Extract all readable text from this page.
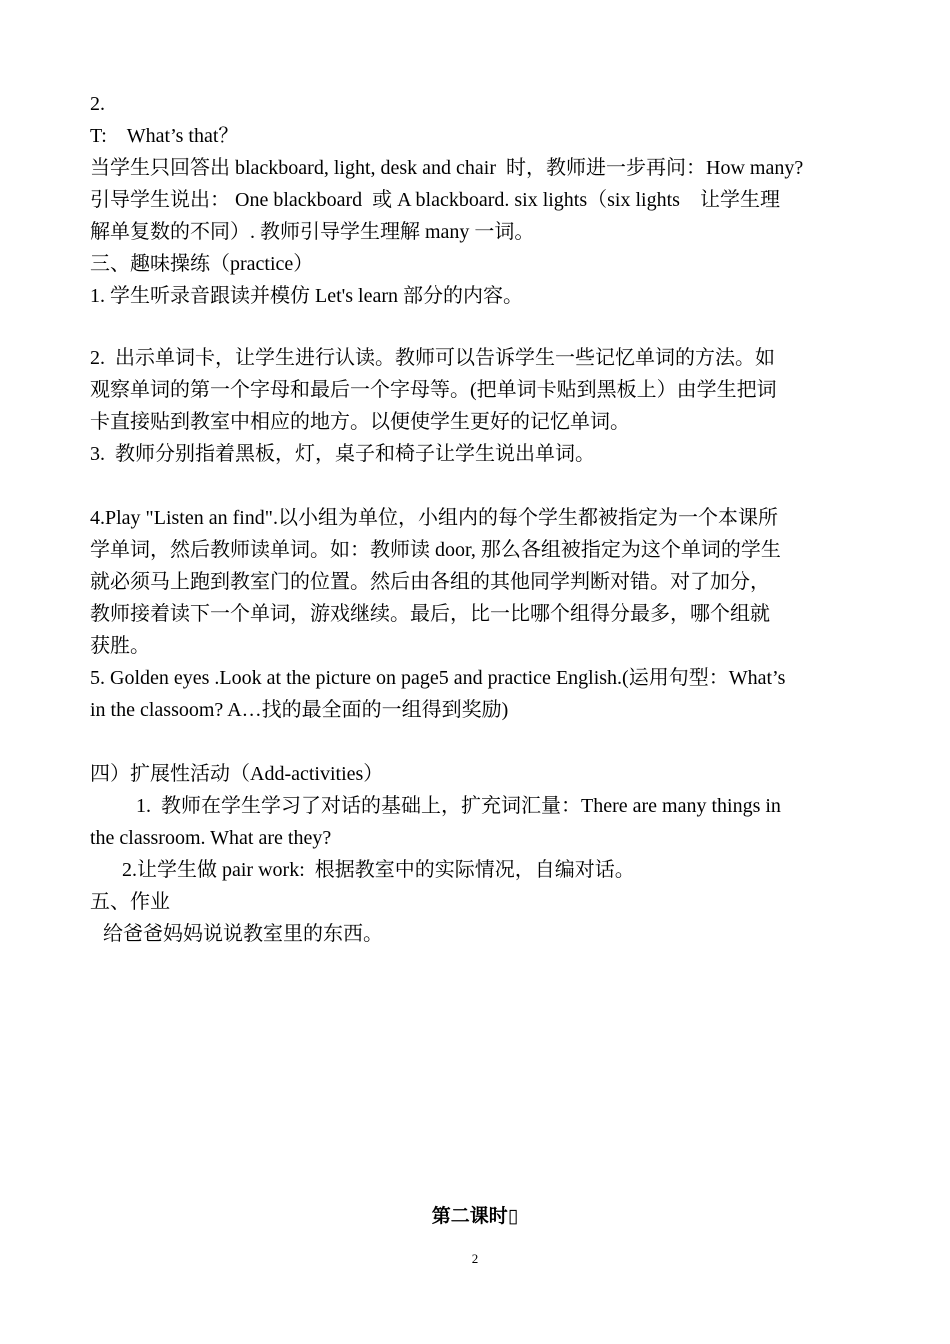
2.
T:    What’s that？
当学生只回答出 blackboard, light, desk and chair  时，教师进一步再问：How many?
引导学生说出： One blackboard  或 A blackboard. six lights（six lights    让学生理
解单复数的不同）. 教师引导学生理解 many 一词。
三、趣味操练（practice）
1. 学生听录音跟读并模仿 Let's learn 部分的内容。
2.  出示单词卡，让学生进行认读。教师可以告诉学生一些记忆单词的方法。如
观察单词的第一个字母和最后一个字母等。(把单词卡贴到黑板上）由学生把词
卡直接贴到教室中相应的地方。以便使学生更好的记忆单词。
3.  教师分别指着黑板，灯，桌子和椅子让学生说出单词。
4.Play "Listen an find".以小组为单位，小组内的每个学生都被指定为一个本课所
学单词，然后教师读单词。如：教师读 door, 那么各组被指定为这个单词的学生
就必须马上跑到教室门的位置。然后由各组的其他同学判断对错。对了加分，
教师接着读下一个单词，游戏继续。最后，比一比哪个组得分最多，哪个组就
获胜。
5. Golden eyes .Look at the picture on page5 and practice English.(运用句型：What’s
in the classoom? A…找的最全面的一组得到奖励)
四）扩展性活动（Add-activities）
1.  教师在学生学习了对话的基础上，扩充词汇量：There are many things in
the classroom. What are they?
2.让学生做 pair work:  根据教室中的实际情况，自编对话。
五、作业
给爸爸妈妈说说教室里的东西。
第二课时▯
2
